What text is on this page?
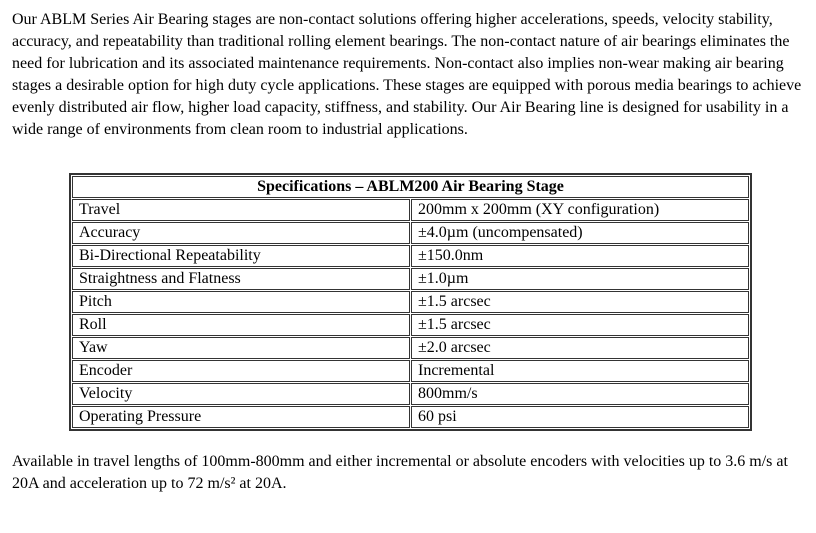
Our ABLM Series Air Bearing stages are non-contact solutions offering higher accelerations, speeds, velocity stability, accuracy, and repeatability than traditional rolling element bearings. The non-contact nature of air bearings eliminates the need for lubrication and its associated maintenance requirements. Non-contact also implies non-wear making air bearing stages a desirable option for high duty cycle applications. These stages are equipped with porous media bearings to achieve evenly distributed air flow, higher load capacity, stiffness, and stability. Our Air Bearing line is designed for usability in a wide range of environments from clean room to industrial applications.

Specifications – ABLM200 Air Bearing Stage	
Travel	200mm x 200mm (XY configuration)
Accuracy	±4.0µm (uncompensated)
Bi-Directional Repeatability	±150.0nm
Straightness and Flatness	±1.0µm
Pitch	±1.5 arcsec
Roll	±1.5 arcsec
Yaw	±2.0 arcsec
Encoder	Incremental
Velocity	800mm/s
Operating Pressure	60 psi

Available in travel lengths of 100mm-800mm and either incremental or absolute encoders with velocities up to 3.6 m/s at 20A and acceleration up to 72 m/s² at 20A.
